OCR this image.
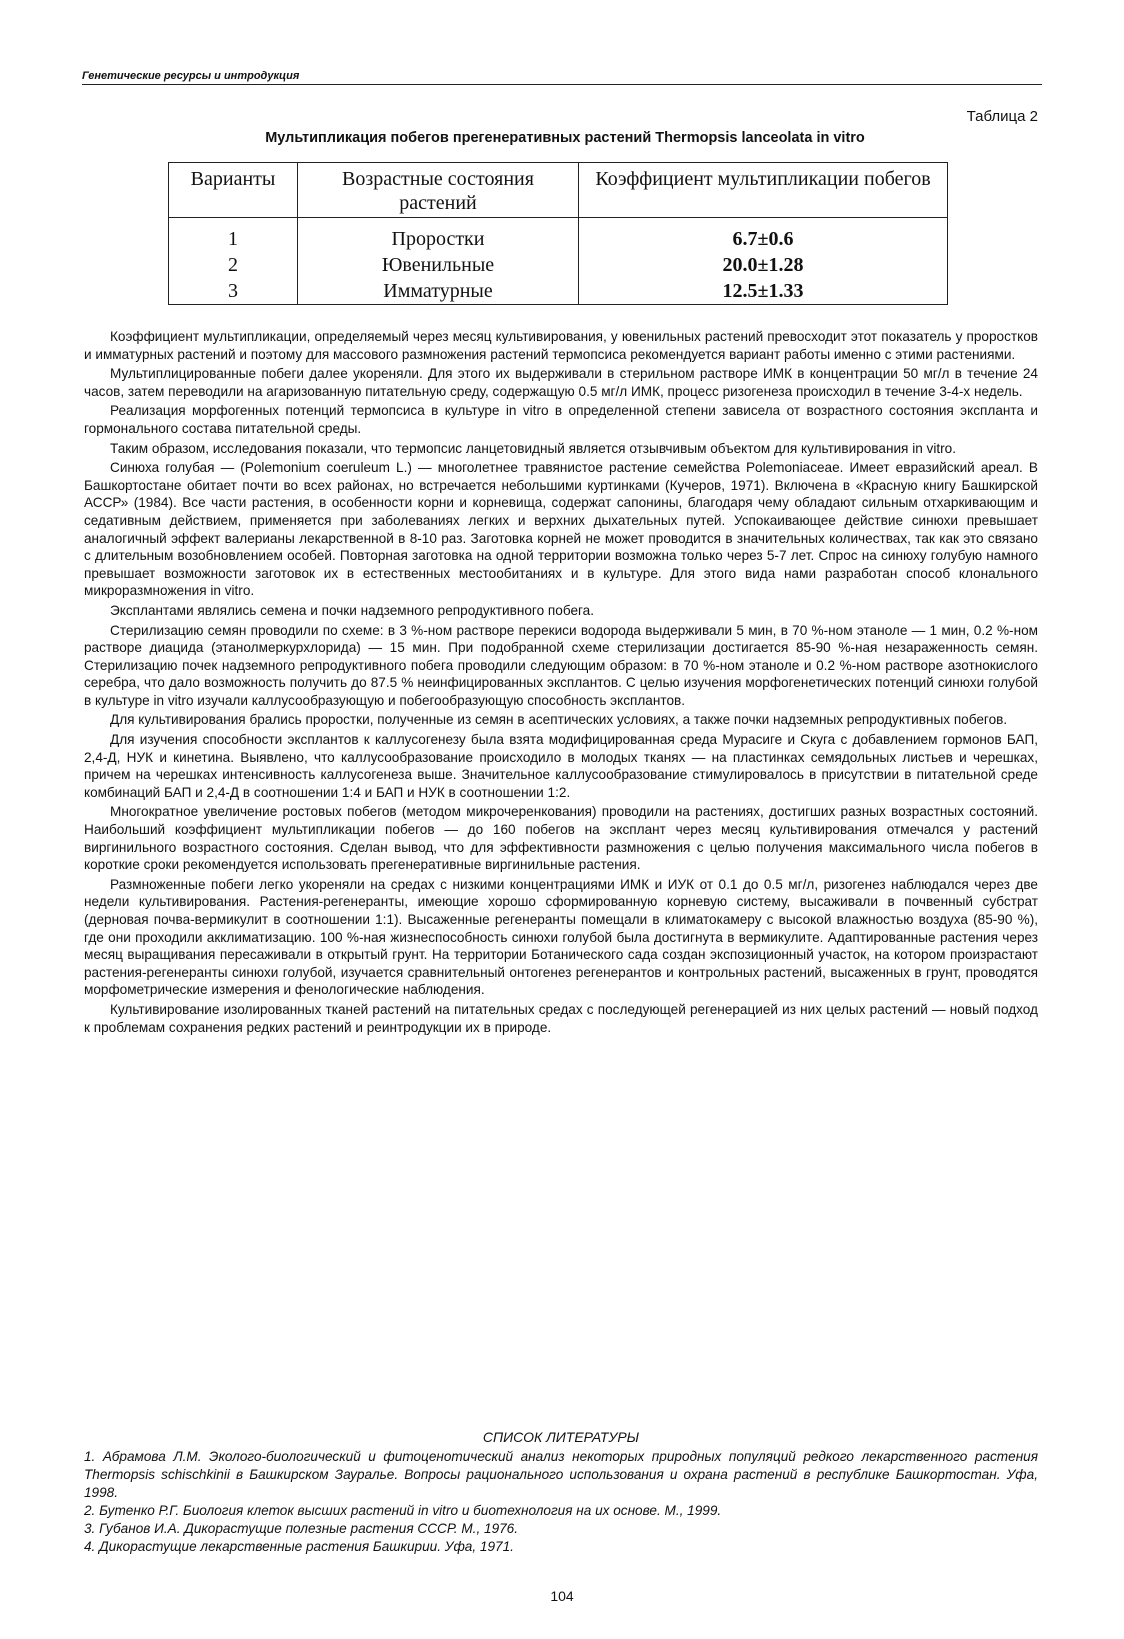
Генетические ресурсы и интродукция
Таблица 2
Мультипликация побегов прегенеративных растений Thermopsis lanceolata in vitro
Варианты	Возрастные состояния растений	Коэффициент мультипликации побегов
1	Проростки	6.7±0.6
2	Ювенильные	20.0±1.28
3	Имматурные	12.5±1.33

Коэффициент мультипликации, определяемый через месяц культивирования, у ювенильных растений превосходит этот показатель у проростков и имматурных растений и поэтому для массового размножения растений термопсиса рекомендуется вариант работы именно с этими растениями.

Мультиплицированные побеги далее укореняли. Для этого их выдерживали в стерильном растворе ИМК в концентрации 50 мг/л в течение 24 часов, затем переводили на агаризованную питательную среду, содержащую 0.5 мг/л ИМК, процесс ризогенеза происходил в течение 3-4-х недель.

Реализация морфогенных потенций термопсиса в культуре in vitro в определенной степени зависела от возрастного состояния экспланта и гормонального состава питательной среды.

Таким образом, исследования показали, что термопсис ланцетовидный является отзывчивым объектом для культивирования in vitro.

Синюха голубая — (Polemonium coeruleum L.) — многолетнее травянистое растение семейства Polemoniaceae. Имеет евразийский ареал. В Башкортостане обитает почти во всех районах, но встречается небольшими куртинками (Кучеров, 1971). Включена в «Красную книгу Башкирской АССР» (1984). Все части растения, в особенности корни и корневища, содержат сапонины, благодаря чему обладают сильным отхаркивающим и седативным действием, применяется при заболеваниях легких и верхних дыхательных путей. Успокаивающее действие синюхи превышает аналогичный эффект валерианы лекарственной в 8-10 раз. Заготовка корней не может проводится в значительных количествах, так как это связано с длительным возобновлением особей. Повторная заготовка на одной территории возможна только через 5-7 лет. Спрос на синюху голубую намного превышает возможности заготовок их в естественных местообитаниях и в культуре. Для этого вида нами разработан способ клонального микроразмножения in vitro.

Эксплантами являлись семена и почки надземного репродуктивного побега.

Стерилизацию семян проводили по схеме: в 3 %-ном растворе перекиси водорода выдерживали 5 мин, в 70 %-ном этаноле — 1 мин, 0.2 %-ном растворе диацида (этанолмеркурхлорида) — 15 мин. При подобранной схеме стерилизации достигается 85-90 %-ная незараженность семян. Стерилизацию почек надземного репродуктивного побега проводили следующим образом: в 70 %-ном этаноле и 0.2 %-ном растворе азотнокислого серебра, что дало возможность получить до 87.5 % неинфицированных эксплантов. С целью изучения морфогенетических потенций синюхи голубой в культуре in vitro изучали каллусообразующую и побегообразующую способность эксплантов.

Для культивирования брались проростки, полученные из семян в асептических условиях, а также почки надземных репродуктивных побегов.

Для изучения способности эксплантов к каллусогенезу была взята модифицированная среда Мурасиге и Скуга с добавлением гормонов БАП, 2,4-Д, НУК и кинетина. Выявлено, что каллусообразование происходило в молодых тканях — на пластинках семядольных листьев и черешках, причем на черешках интенсивность каллусогенеза выше. Значительное каллусообразование стимулировалось в присутствии в питательной среде комбинаций БАП и 2,4-Д в соотношении 1:4 и БАП и НУК в соотношении 1:2.

Многократное увеличение ростовых побегов (методом микрочеренкования) проводили на растениях, достигших разных возрастных состояний. Наибольший коэффициент мультипликации побегов — до 160 побегов на эксплант через месяц культивирования отмечался у растений виргинильного возрастного состояния. Сделан вывод, что для эффективности размножения с целью получения максимального числа побегов в короткие сроки рекомендуется использовать прегенеративные виргинильные растения.

Размноженные побеги легко укореняли на средах с низкими концентрациями ИМК и ИУК от 0.1 до 0.5 мг/л, ризогенез наблюдался через две недели культивирования. Растения-регенеранты, имеющие хорошо сформированную корневую систему, высаживали в почвенный субстрат (дерновая почва-вермикулит в соотношении 1:1). Высаженные регенеранты помещали в климатокамеру с высокой влажностью воздуха (85-90 %), где они проходили акклиматизацию. 100 %-ная жизнеспособность синюхи голубой была достигнута в вермикулите. Адаптированные растения через месяц выращивания пересаживали в открытый грунт. На территории Ботанического сада создан экспозиционный участок, на котором произрастают растения-регенеранты синюхи голубой, изучается сравнительный онтогенез регенерантов и контрольных растений, высаженных в грунт, проводятся морфометрические измерения и фенологические наблюдения.

Культивирование изолированных тканей растений на питательных средах с последующей регенерацией из них целых растений — новый подход к проблемам сохранения редких растений и реинтродукции их в природе.

СПИСОК ЛИТЕРАТУРЫ
1. Абрамова Л.М. Эколого-биологический и фитоценотический анализ некоторых природных популяций редкого лекарственного растения Thermopsis schischkinii в Башкирском Зауралье. Вопросы рационального использования и охрана растений в республике Башкортостан. Уфа, 1998.
2. Бутенко Р.Г. Биология клеток высших растений in vitro и биотехнология на их основе. М., 1999.
3. Губанов И.А. Дикорастущие полезные растения СССР. М., 1976.
4. Дикорастущие лекарственные растения Башкирии. Уфа, 1971.
104
